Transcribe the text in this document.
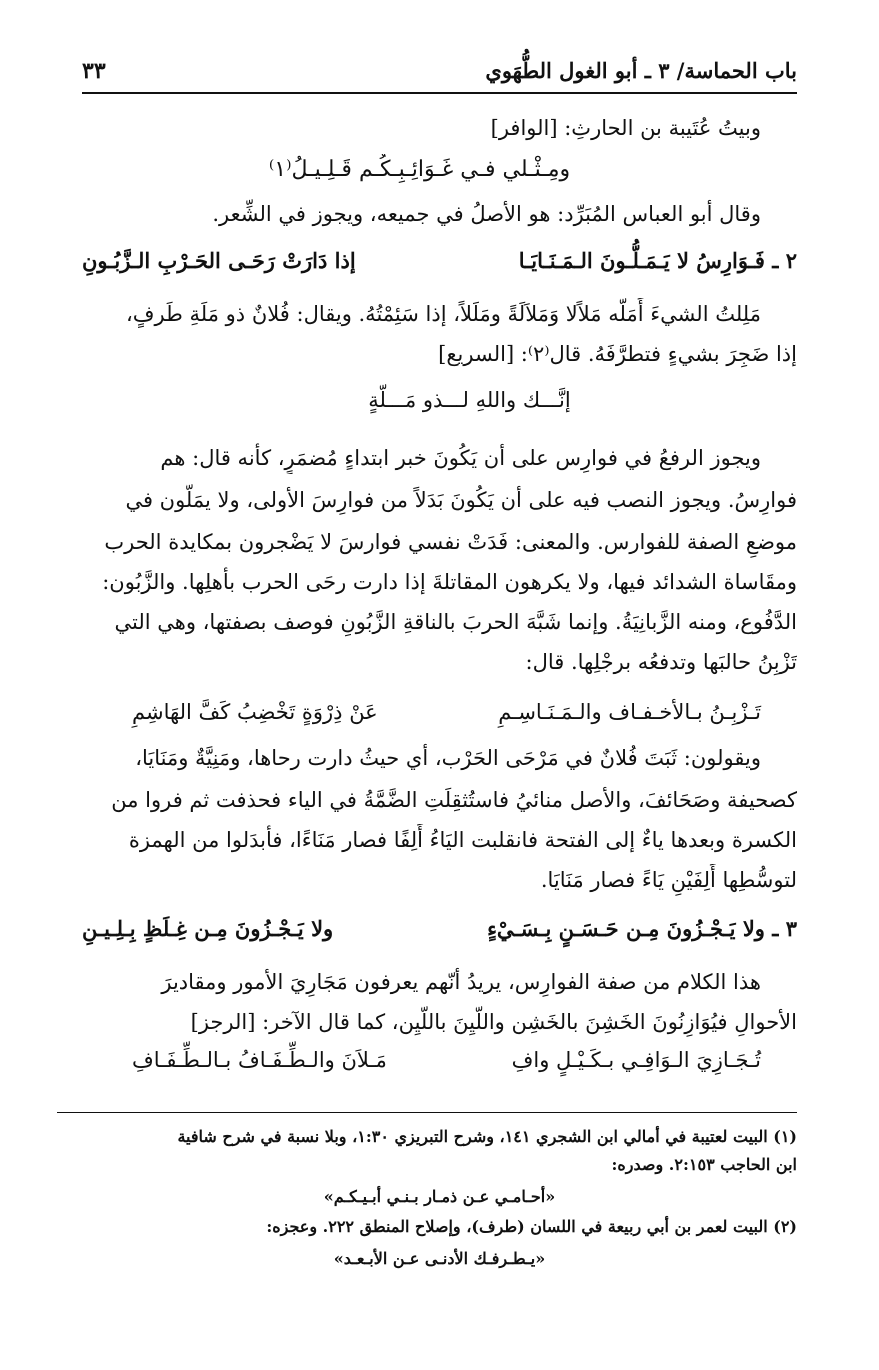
باب الحماسة/ ٣ ـ أبو الغول الطُّهَوي
٣٣
وبيتُ عُتَيبة بن الحارثِ: [الوافر]
ومِـثْـلي فـي غَـوَائِـبِـكُـم قَـلِـيـلُ⁽١⁾
وقال أبو العباس المُبَرِّد: هو الأصلُ في جميعه، ويجوز في الشِّعر.
٢ ـ فَـوَارِسُ لا يَـمَـلُّـونَ الـمَـنَـايَـا
إذا دَارَتْ رَحَـى الحَـرْبِ الـزَّبُـونِ
مَلِلتُ الشيءَ أَمَلُّه مَلاًلا وَمَلاَلَةً ومَلَلاً، إذا سَئِمْتُهُ. ويقال: فُلانٌ ذو مَلَةِ طَرفٍ،
إذا ضَجِرَ بشيءٍ فتطرَّفَهُ. قال⁽٢⁾: [السريع]
إنَّـــك واللهِ لـــذو مَـــلَّةٍ
ويجوز الرفعُ في فوارِس على أن يَكُونَ خبر ابتداءٍ مُضمَرٍ، كأنه قال: هم
فوارِسُ. ويجوز النصب فيه على أن يَكُونَ بَدَلاً من فوارِسَ الأولى، ولا يمَلُّون في
موضعِ الصفة للفوارس. والمعنى: فَدَتْ نفسي فوارسَ لا يَضْجرون بمكايدة الحرب
ومقَاساة الشدائد فيها، ولا يكرهون المقاتلةَ إذا دارت رحَى الحرب بأهلِها. والزَّبُون:
الدَّفُوع، ومنه الزَّبانِيَةُ. وإنما شَبَّهَ الحربَ بالناقةِ الزَّبُونِ فوصف بصفتها، وهي التي
تَزْبِنُ حالبَها وتدفعُه برجْلِها. قال:
تَـزْبِـنُ بـالأخـفـاف والـمَـنَـاسِـمِ
عَنْ ذِرْوَةٍ تَخْضِبُ كَفَّ الهَاشِمِ
ويقولون: ثَبَتَ فُلانٌ في مَرْحَى الحَرْب، أي حيثُ دارت رحاها، ومَنِيَّةٌ ومَنَايَا،
كصحيفة وصَحَائفَ، والأصل منائيُ فاستُثقِلَتِ الضَّمَّةُ في الياء فحذفت ثم فروا من
الكسرة وبعدها ياءٌ إلى الفتحة فانقلبت اليَاءُ أَلِفًا فصار مَنَاءًا، فأَبدَلوا من الهمزة
لتوسُّطِها أَلِفَيْنِ يَاءً فصار مَنَايَا.
٣ ـ ولا يَـجْـزُونَ مِـن حَـسَـنٍ بِـسَـيْءٍ
ولا يَـجْـزُونَ مِـن غِـلَظٍ بِـلِـيـنِ
هذا الكلام من صفة الفوارِس، يريدُ أنّهم يعرفون مَجَارِيَ الأمور ومقاديرَ
الأحوالِ فيُوَازِنُونَ الخَشِنَ بالخَشِن واللَّيِنَ باللَّيِن، كما قال الآخر: [الرجز]
تُـجَـازِيَ الـوَافِـي بـكَـيْـلٍ وافِ
مَـلاَنَ والـطِّـفَـافُ بـالـطِّـفَـافِ
(١) البيت لعتيبة في أمالي ابن الشجري ١٤١، وشرح التبريزي ١:٣٠، وبلا نسبة في شرح شافية
ابن الحاجب ٢:١٥٣. وصدره:
«أحـامـي عـن ذمـار بـنـي أبـيـكـم»
(٢) البيت لعمر بن أبي ربيعة في اللسان (طرف)، وإصلاح المنطق ٢٢٢. وعجزه:
«يـطـرفـك الأدنـى عـن الأبـعـد»
